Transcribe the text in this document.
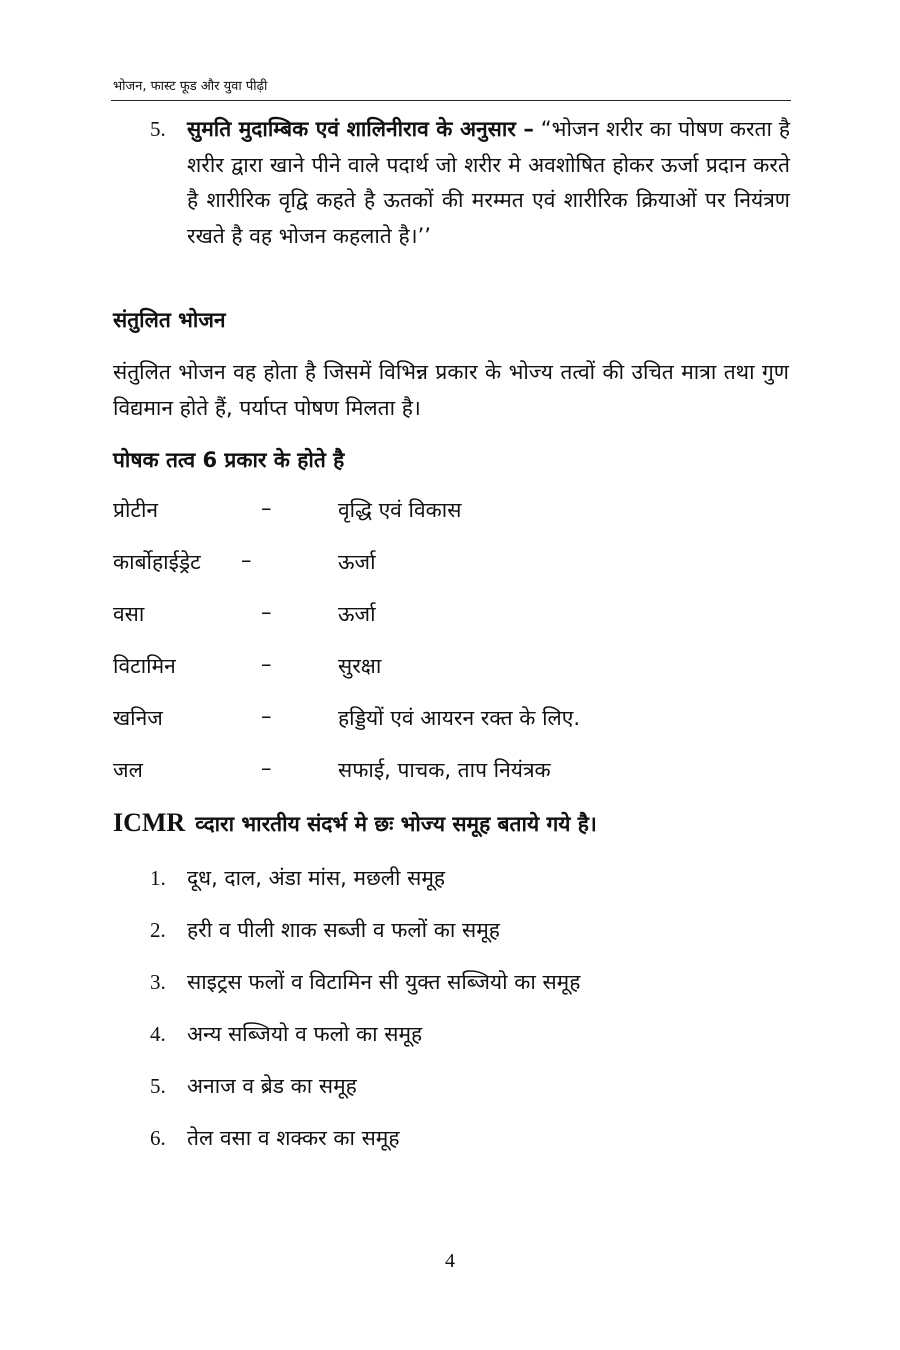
भोजन, फास्ट फूड और युवा पीढ़ी
5. सुमति मुदाम्बिक एवं शालिनीराव के अनुसार – “भोजन शरीर का पोषण करता है शरीर द्वारा खाने पीने वाले पदार्थ जो शरीर मे अवशोषित होकर ऊर्जा प्रदान करते है शारीरिक वृद्वि कहते है ऊतकों की मरम्मत एवं शारीरिक क्रियाओं पर नियंत्रण रखते है वह भोजन कहलाते है।’’
संतुलित भोजन
संतुलित भोजन वह होता है जिसमें विभिन्न प्रकार के भोज्य तत्वों की उचित मात्रा तथा गुण विद्यमान होते हैं, पर्याप्त पोषण मिलता है।
पोषक तत्व 6 प्रकार के होते है
प्रोटीन	–	वृद्धि एवं विकास
कार्बोहाईड्रेट –	ऊर्जा
वसा	–	ऊर्जा
विटामिन	–	सुरक्षा
खनिज	–	हड्डियों एवं आयरन रक्त के लिए.
जल	–	सफाई, पाचक, ताप नियंत्रक
ICMR व्दारा भारतीय संदर्भ मे छः भोज्य समूह बताये गये है।
1. दूध, दाल, अंडा मांस, मछली समूह
2. हरी व पीली शाक सब्जी व फलों का समूह
3. साइट्रस फलों व विटामिन सी युक्त सब्जियो का समूह
4. अन्य सब्जियो व फलो का समूह
5. अनाज व ब्रेड का समूह
6. तेल वसा व शक्कर का समूह
4
